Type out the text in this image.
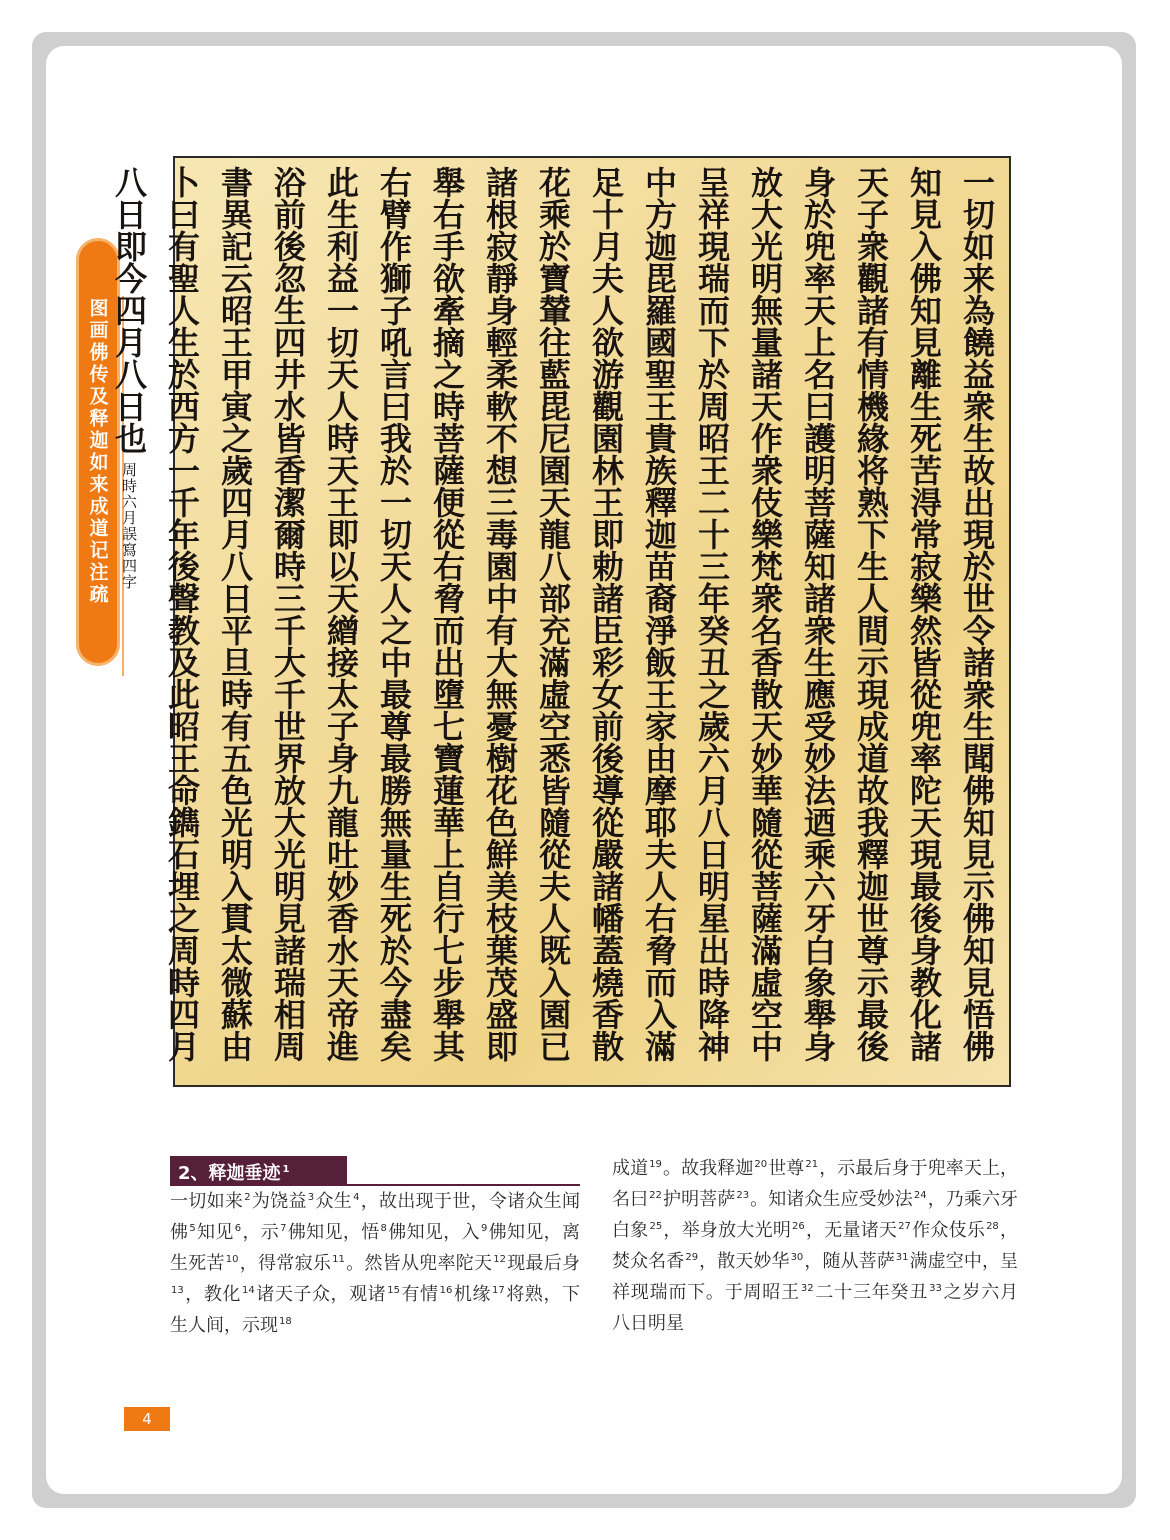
图画佛传及释迦如来成道记注疏	一切如来為饒益衆生故出現於世令諸衆生聞佛知見示佛知見悟佛
知見入佛知見離生死苦淂常寂樂然皆從兜率陀天現最後身教化諸
天子衆觀諸有情機緣将熟下生人間示現成道故我釋迦世尊示最後
身於兜率天上名曰護明菩薩知諸衆生應受妙法迺乘六牙白象舉身
放大光明無量諸天作衆伎樂梵衆名香散天妙華隨從菩薩滿虛空中
呈祥現瑞而下於周昭王二十三年癸丑之歲六月八日明星出時降神
中方迦毘羅國聖王貴族釋迦苗裔淨飯王家由摩耶夫人右脅而入滿
足十月夫人欲游觀園林王即勅諸臣彩女前後導從嚴諸幡蓋燒香散
花乘於寶輦往藍毘尼園天龍八部充滿虛空悉皆隨從夫人既入園已
諸根寂靜身輕柔軟不想三毒園中有大無憂樹花色鮮美枝葉茂盛即
舉右手欲牽摘之時菩薩便從右脅而出墮七寶蓮華上自行七步舉其
右臂作獅子吼言曰我於一切天人之中最尊最勝無量生死於今盡矣
此生利益一切天人時天王即以天繒接太子身九龍吐妙香水天帝進
浴前後忽生四井水皆香潔爾時三千大千世界放大光明見諸瑞相周
書異記云昭王甲寅之歲四月八日平旦時有五色光明入貫太微蘇由
卜曰有聖人生於西方一千年後聲教及此昭王命鐫石埋之周時四月
八日即今四月八日也周時六月誤寫四字
2、释迦垂迹 $^1$
一切如来$^2$为饶益$^3$众生$^4$，故出现于世，令诸众生闻佛$^5$知见$^6$，示$^7$佛知见，悟$^8$佛知见，入$^9$佛知见，离生死苦$^{10}$，得常寂乐$^{11}$。然皆从兜率陀天$^{12}$现最后身$^{13}$，教化$^{14}$诸天子众，观诸$^{15}$有情$^{16}$机缘$^{17}$将熟，下生人间，示现$^{18}$
成道$^{19}$。故我释迦$^{20}$世尊$^{21}$，示最后身于兜率天上，名曰$^{22}$护明菩萨$^{23}$。知诸众生应受妙法$^{24}$，乃乘六牙白象$^{25}$，举身放大光明$^{26}$，无量诸天$^{27}$作众伎乐$^{28}$，焚众名香$^{29}$，散天妙华$^{30}$，随从菩萨$^{31}$满虚空中，呈祥现瑞而下。于周昭王$^{32}$二十三年癸丑$^{33}$之岁六月八日明星
4
